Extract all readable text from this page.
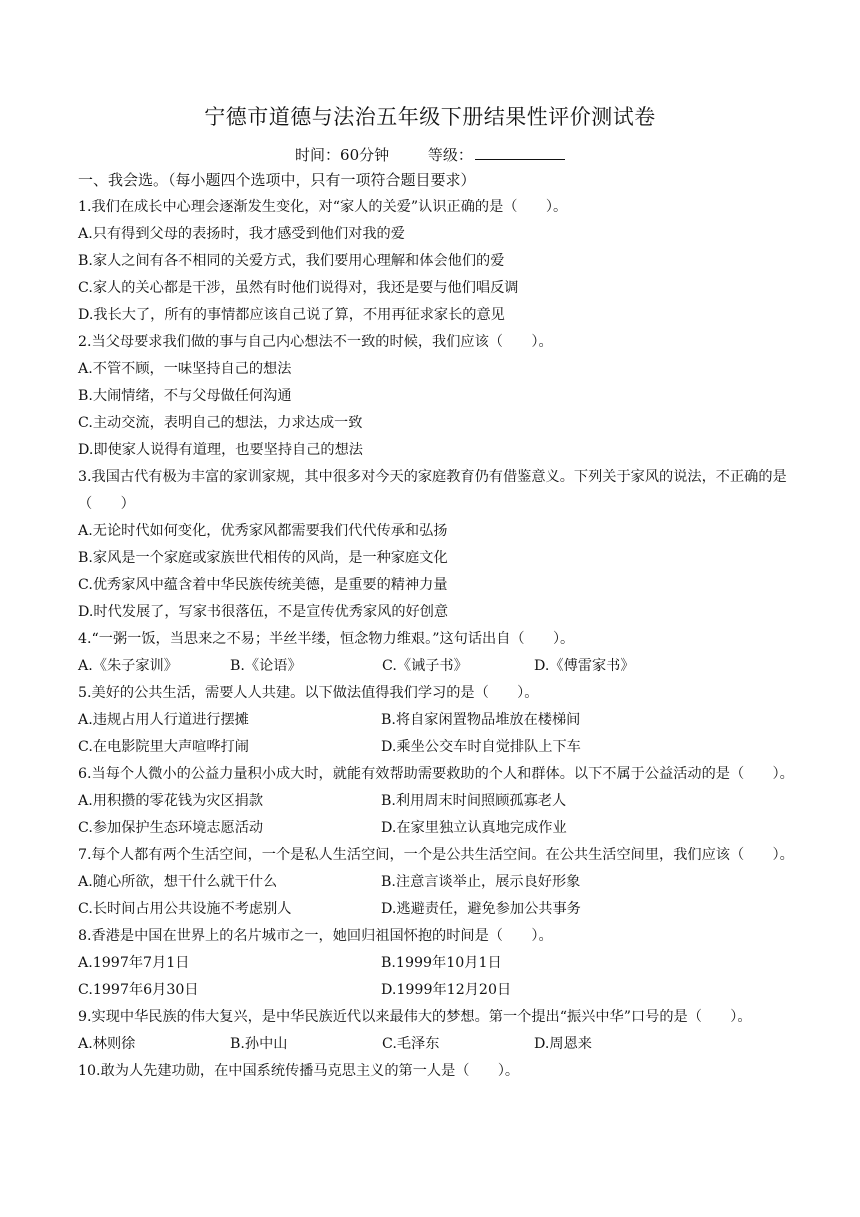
宁德市道德与法治五年级下册结果性评价测试卷
时间：60分钟	等级：
一、我会选。（每小题四个选项中，只有一项符合题目要求）
1.我们在成长中心理会逐渐发生变化，对“家人的关爱”认识正确的是（　　）。
A.只有得到父母的表扬时，我才感受到他们对我的爱
B.家人之间有各不相同的关爱方式，我们要用心理解和体会他们的爱
C.家人的关心都是干涉，虽然有时他们说得对，我还是要与他们唱反调
D.我长大了，所有的事情都应该自己说了算，不用再征求家长的意见
2.当父母要求我们做的事与自己内心想法不一致的时候，我们应该（　　）。
A.不管不顾，一味坚持自己的想法
B.大闹情绪，不与父母做任何沟通
C.主动交流，表明自己的想法，力求达成一致
D.即使家人说得有道理，也要坚持自己的想法
3.我国古代有极为丰富的家训家规，其中很多对今天的家庭教育仍有借鉴意义。下列关于家风的说法，不正确的是（　　）
A.无论时代如何变化，优秀家风都需要我们代代传承和弘扬
B.家风是一个家庭或家族世代相传的风尚，是一种家庭文化
C.优秀家风中蕴含着中华民族传统美德，是重要的精神力量
D.时代发展了，写家书很落伍，不是宣传优秀家风的好创意
4.“一粥一饭，当思来之不易；半丝半缕，恒念物力维艰。”这句话出自（　　）。
A.《朱子家训》	B.《论语》	C.《诫子书》	D.《傅雷家书》
5.美好的公共生活，需要人人共建。以下做法值得我们学习的是（　　）。
A.违规占用人行道进行摆摊	B.将自家闲置物品堆放在楼梯间
C.在电影院里大声喧哗打闹	D.乘坐公交车时自觉排队上下车
6.当每个人微小的公益力量积小成大时，就能有效帮助需要救助的个人和群体。以下不属于公益活动的是（　　）。
A.用积攒的零花钱为灾区捐款	B.利用周末时间照顾孤寡老人
C.参加保护生态环境志愿活动	D.在家里独立认真地完成作业
7.每个人都有两个生活空间，一个是私人生活空间，一个是公共生活空间。在公共生活空间里，我们应该（　　）。
A.随心所欲，想干什么就干什么	B.注意言谈举止，展示良好形象
C.长时间占用公共设施不考虑别人	D.逃避责任，避免参加公共事务
8.香港是中国在世界上的名片城市之一，她回归祖国怀抱的时间是（　　）。
A.1997年7月1日	B.1999年10月1日
C.1997年6月30日	D.1999年12月20日
9.实现中华民族的伟大复兴，是中华民族近代以来最伟大的梦想。第一个提出“振兴中华”口号的是（　　）。
A.林则徐	B.孙中山	C.毛泽东	D.周恩来
10.敢为人先建功勋，在中国系统传播马克思主义的第一人是（　　）。
